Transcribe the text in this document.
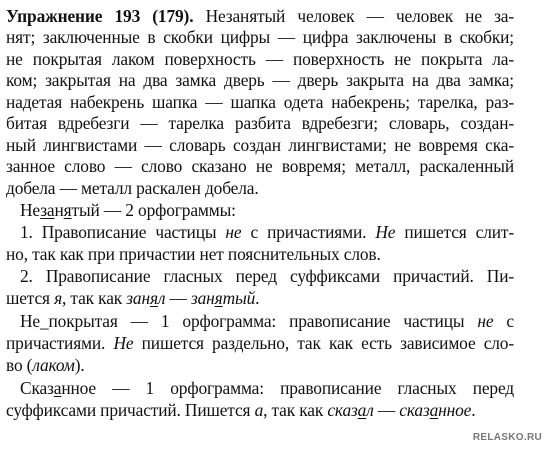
Упражнение 193 (179). Незанятый человек — человек не за-
нят; заключенные в скобки цифры — цифра заключены в скобки;
не покрытая лаком поверхность — поверхность не покрыта ла-
ком; закрытая на два замка дверь — дверь закрыта на два замка;
надетая набекрень шапка — шапка одета набекрень; тарелка, раз-
битая вдребезги — тарелка разбита вдребезги; словарь, создан-
ный лингвистами — словарь создан лингвистами; не вовремя ска-
занное слово — слово сказано не вовремя; металл, раскаленный
добела — металл раскален добела.
Незанятый — 2 орфограммы:
1. Правописание частицы не с причастиями. Не пишется слит-
но, так как при причастии нет пояснительных слов.
2. Правописание гласных перед суффиксами причастий. Пи-
шется я, так как занял — занятый.
Не_покрытая — 1 орфограмма: правописание частицы не с
причастиями. Не пишется раздельно, так как есть зависимое сло-
во (лаком).
Сказанное — 1 орфограмма: правописание гласных перед
суффиксами причастий. Пишется а, так как сказал — сказанное.
RELASKO.RU
